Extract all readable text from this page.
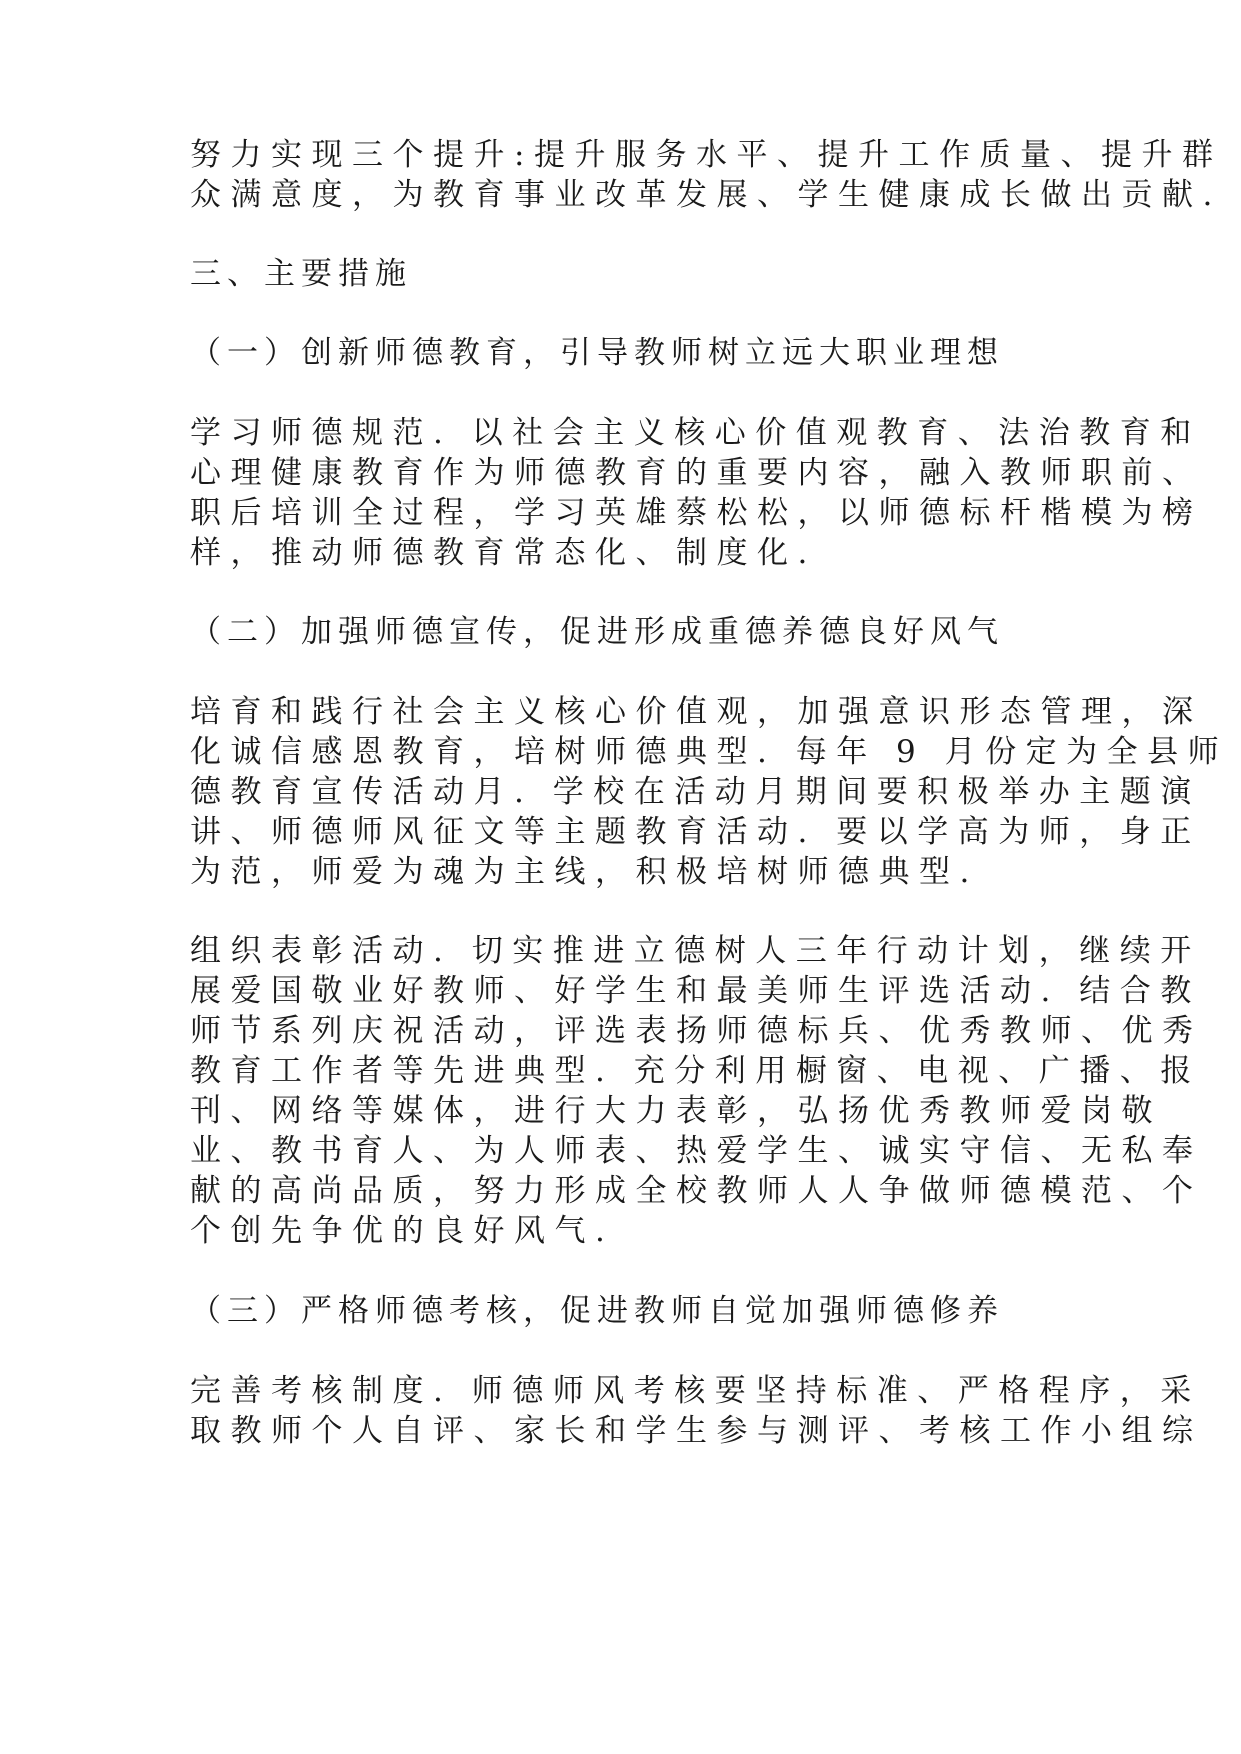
努力实现三个提升:提升服务水平、提升工作质量、提升群

众满意度，为教育事业改革发展、学生健康成长做出贡献.

三、主要措施

（一）创新师德教育，引导教师树立远大职业理想

学习师德规范. 以社会主义核心价值观教育、法治教育和

心理健康教育作为师德教育的重要内容，融入教师职前、

职后培训全过程，学习英雄蔡松松，以师德标杆楷模为榜

样，推动师德教育常态化、制度化.

（二）加强师德宣传，促进形成重德养德良好风气

培育和践行社会主义核心价值观，加强意识形态管理，深

化诚信感恩教育，培树师德典型. 每年 9 月份定为全县师

德教育宣传活动月. 学校在活动月期间要积极举办主题演

讲、师德师风征文等主题教育活动. 要以学高为师，身正

为范，师爱为魂为主线，积极培树师德典型.

组织表彰活动. 切实推进立德树人三年行动计划，继续开

展爱国敬业好教师、好学生和最美师生评选活动. 结合教

师节系列庆祝活动，评选表扬师德标兵、优秀教师、优秀

教育工作者等先进典型. 充分利用橱窗、电视、广播、报

刊、网络等媒体，进行大力表彰，弘扬优秀教师爱岗敬

业、教书育人、为人师表、热爱学生、诚实守信、无私奉

献的高尚品质，努力形成全校教师人人争做师德模范、个

个创先争优的良好风气.

（三）严格师德考核，促进教师自觉加强师德修养

完善考核制度. 师德师风考核要坚持标准、严格程序，采

取教师个人自评、家长和学生参与测评、考核工作小组综
